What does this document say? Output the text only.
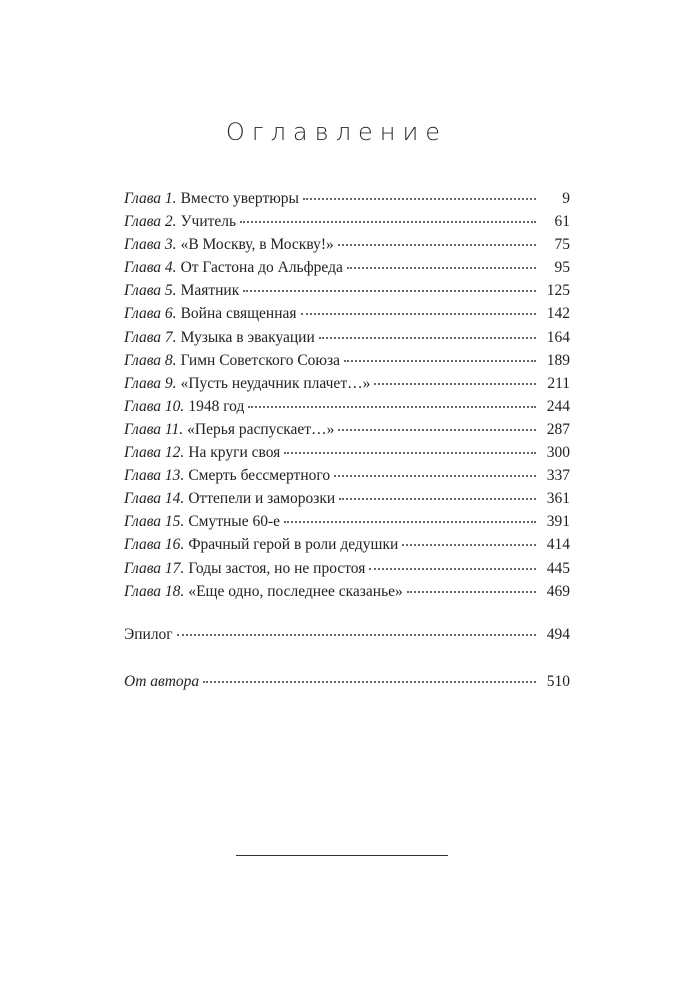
Оглавление
Глава 1. Вместо увертюры	9
Глава 2. Учитель	61
Глава 3. «В Москву, в Москву!»	75
Глава 4. От Гастона до Альфреда	95
Глава 5. Маятник	125
Глава 6. Война священная	142
Глава 7. Музыка в эвакуации	164
Глава 8. Гимн Советского Союза	189
Глава 9. «Пусть неудачник плачет…»	211
Глава 10. 1948 год	244
Глава 11. «Перья распускает…»	287
Глава 12. На круги своя	300
Глава 13. Смерть бессмертного	337
Глава 14. Оттепели и заморозки	361
Глава 15. Смутные 60-е	391
Глава 16. Фрачный герой в роли дедушки	414
Глава 17. Годы застоя, но не простоя	445
Глава 18. «Еще одно, последнее сказанье»	469
Эпилог	494
От автора	510
